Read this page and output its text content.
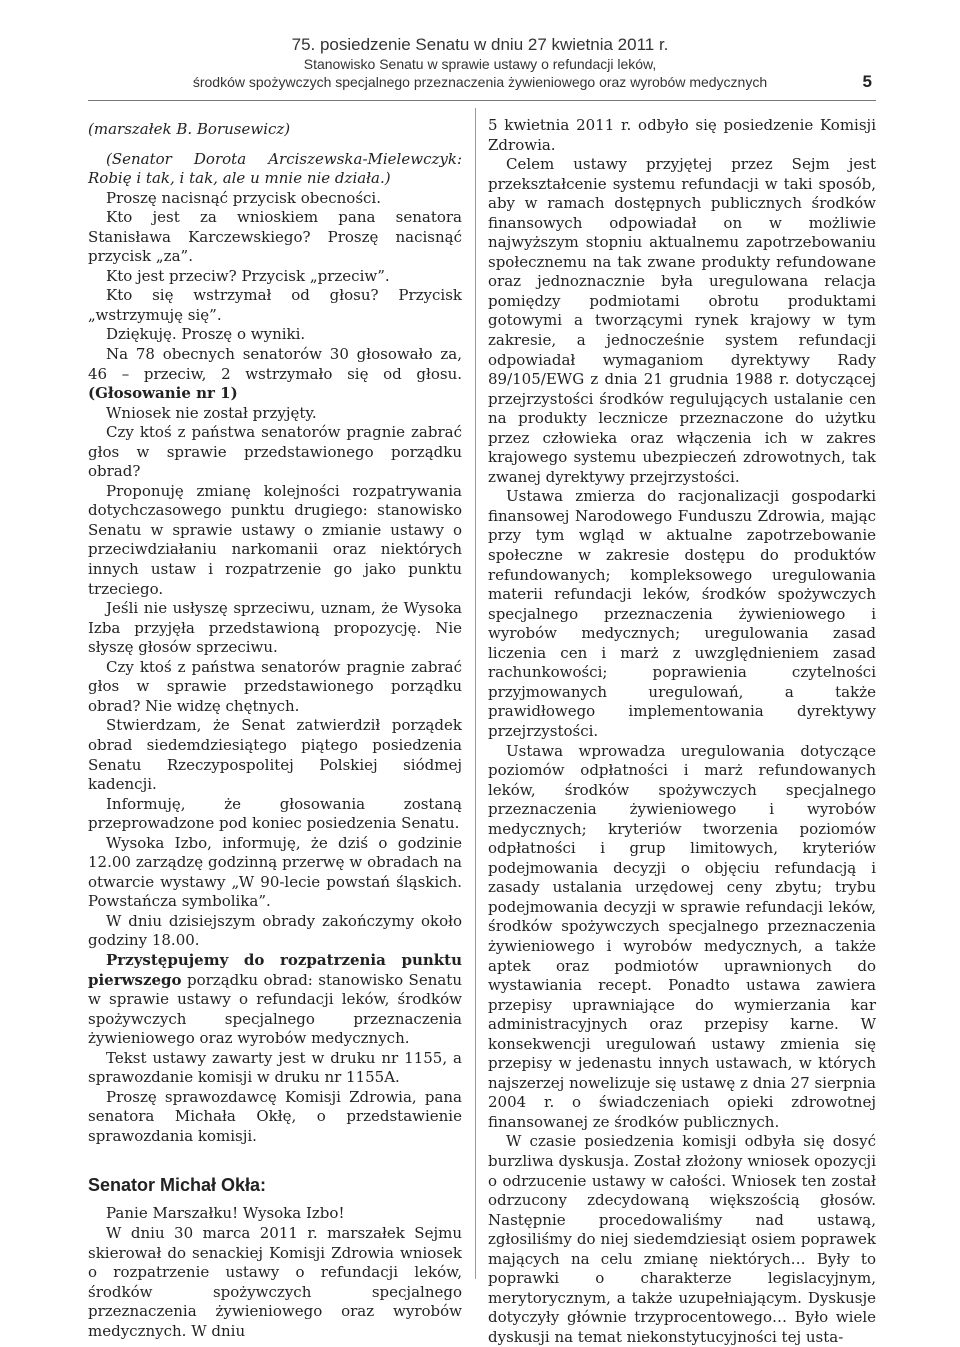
75. posiedzenie Senatu w dniu 27 kwietnia 2011 r.
Stanowisko Senatu w sprawie ustawy o refundacji leków,
środków spożywczych specjalnego przeznaczenia żywieniowego oraz wyrobów medycznych	5
(marszałek B. Borusewicz)

(Senator Dorota Arciszewska-Mielewczyk: Robię i tak, i tak, ale u mnie nie działa.)

Proszę nacisnąć przycisk obecności.

Kto jest za wnioskiem pana senatora Stanisława Karczewskiego? Proszę nacisnąć przycisk „za”.

Kto jest przeciw? Przycisk „przeciw”.

Kto się wstrzymał od głosu? Przycisk „wstrzymuję się”.

Dziękuję. Proszę o wyniki.

Na 78 obecnych senatorów 30 głosowało za, 46 – przeciw, 2 wstrzymało się od głosu. (Głosowanie nr 1)

Wniosek nie został przyjęty.

Czy ktoś z państwa senatorów pragnie zabrać głos w sprawie przedstawionego porządku obrad?

Proponuję zmianę kolejności rozpatrywania dotychczasowego punktu drugiego: stanowisko Senatu w sprawie ustawy o zmianie ustawy o przeciwdziałaniu narkomanii oraz niektórych innych ustaw i rozpatrzenie go jako punktu trzeciego.

Jeśli nie usłyszę sprzeciwu, uznam, że Wysoka Izba przyjęła przedstawioną propozycję. Nie słyszę głosów sprzeciwu.

Czy ktoś z państwa senatorów pragnie zabrać głos w sprawie przedstawionego porządku obrad? Nie widzę chętnych.

Stwierdzam, że Senat zatwierdził porządek obrad siedemdziesiątego piątego posiedzenia Senatu Rzeczypospolitej Polskiej siódmej kadencji.

Informuję, że głosowania zostaną przeprowadzone pod koniec posiedzenia Senatu.

Wysoka Izbo, informuję, że dziś o godzinie 12.00 zarządzę godzinną przerwę w obradach na otwarcie wystawy „W 90-lecie powstań śląskich. Powstańcza symbolika”.

W dniu dzisiejszym obrady zakończymy około godziny 18.00.

Przystępujemy do rozpatrzenia punktu pierwszego porządku obrad: stanowisko Senatu w sprawie ustawy o refundacji leków, środków spożywczych specjalnego przeznaczenia żywieniowego oraz wyrobów medycznych.

Tekst ustawy zawarty jest w druku nr 1155, a sprawozdanie komisji w druku nr 1155A.

Proszę sprawozdawcę Komisji Zdrowia, pana senatora Michała Okłę, o przedstawienie sprawozdania komisji.

Senator Michał Okła:

Panie Marszałku! Wysoka Izbo!

W dniu 30 marca 2011 r. marszałek Sejmu skierował do senackiej Komisji Zdrowia wniosek o rozpatrzenie ustawy o refundacji leków, środków spożywczych specjalnego przeznaczenia żywieniowego oraz wyrobów medycznych. W dniu

5 kwietnia 2011 r. odbyło się posiedzenie Komisji Zdrowia.

Celem ustawy przyjętej przez Sejm jest przekształcenie systemu refundacji w taki sposób, aby w ramach dostępnych publicznych środków finansowych odpowiadał on w możliwie najwyższym stopniu aktualnemu zapotrzebowaniu społecznemu na tak zwane produkty refundowane oraz jednoznacznie była uregulowana relacja pomiędzy podmiotami obrotu produktami gotowymi a tworzącymi rynek krajowy w tym zakresie, a jednocześnie system refundacji odpowiadał wymaganiom dyrektywy Rady 89/105/EWG z dnia 21 grudnia 1988 r. dotyczącej przejrzystości środków regulujących ustalanie cen na produkty lecznicze przeznaczone do użytku przez człowieka oraz włączenia ich w zakres krajowego systemu ubezpieczeń zdrowotnych, tak zwanej dyrektywy przejrzystości.

Ustawa zmierza do racjonalizacji gospodarki finansowej Narodowego Funduszu Zdrowia, mając przy tym wgląd w aktualne zapotrzebowanie społeczne w zakresie dostępu do produktów refundowanych; kompleksowego uregulowania materii refundacji leków, środków spożywczych specjalnego przeznaczenia żywieniowego i wyrobów medycznych; uregulowania zasad liczenia cen i marż z uwzględnieniem zasad rachunkowości; poprawienia czytelności przyjmowanych uregulowań, a także prawidłowego implementowania dyrektywy przejrzystości.

Ustawa wprowadza uregulowania dotyczące poziomów odpłatności i marż refundowanych leków, środków spożywczych specjalnego przeznaczenia żywieniowego i wyrobów medycznych; kryteriów tworzenia poziomów odpłatności i grup limitowych, kryteriów podejmowania decyzji o objęciu refundacją i zasady ustalania urzędowej ceny zbytu; trybu podejmowania decyzji w sprawie refundacji leków, środków spożywczych specjalnego przeznaczenia żywieniowego i wyrobów medycznych, a także aptek oraz podmiotów uprawnionych do wystawiania recept. Ponadto ustawa zawiera przepisy uprawniające do wymierzania kar administracyjnych oraz przepisy karne. W konsekwencji uregulowań ustawy zmienia się przepisy w jedenastu innych ustawach, w których najszerzej nowelizuje się ustawę z dnia 27 sierpnia 2004 r. o świadczeniach opieki zdrowotnej finansowanej ze środków publicznych.

W czasie posiedzenia komisji odbyła się dosyć burzliwa dyskusja. Został złożony wniosek opozycji o odrzucenie ustawy w całości. Wniosek ten został odrzucony zdecydowaną większością głosów. Następnie procedowaliśmy nad ustawą, zgłosiliśmy do niej siedemdziesiąt osiem poprawek mających na celu zmianę niektórych… Były to poprawki o charakterze legislacyjnym, merytorycznym, a także uzupełniającym. Dyskusje dotyczyły głównie trzyprocentowego… Było wiele dyskusji na temat niekonstytucyjności tej usta-
